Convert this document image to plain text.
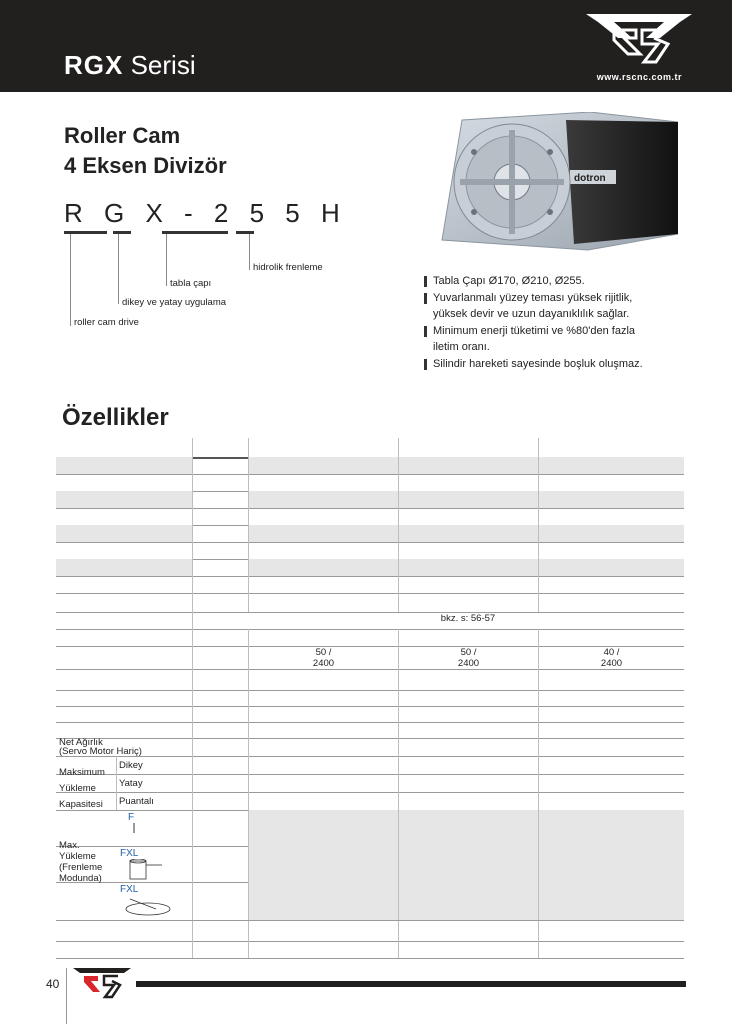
RGX Serisi	www.rscnc.com.tr
Roller Cam
4 Eksen Divizör
R G X - 2 5 5 H
hidrolik frenleme
tabla çapı
dikey ve yatay uygulama
roller cam drive
dotron
Tabla Çapı Ø170, Ø210, Ø255.
Yuvarlanmalı yüzey teması yüksek rijitlik,
yüksek devir ve uzun dayanıklılık sağlar.
Minimum enerji tüketimi ve %80'den fazla
iletim oranı.
Silindir hareketi sayesinde boşluk oluşmaz.
Özellikler
bkz. s: 56-57
50 /
2400
50 /
2400
40 /
2400
Net Ağırlık
(Servo Motor Hariç)
Dikey
Yatay
Puantalı
Maksimum
Yükleme
Kapasitesi
F
FXL
FXL
Max.
Yükleme
(Frenleme
Modunda)
40
